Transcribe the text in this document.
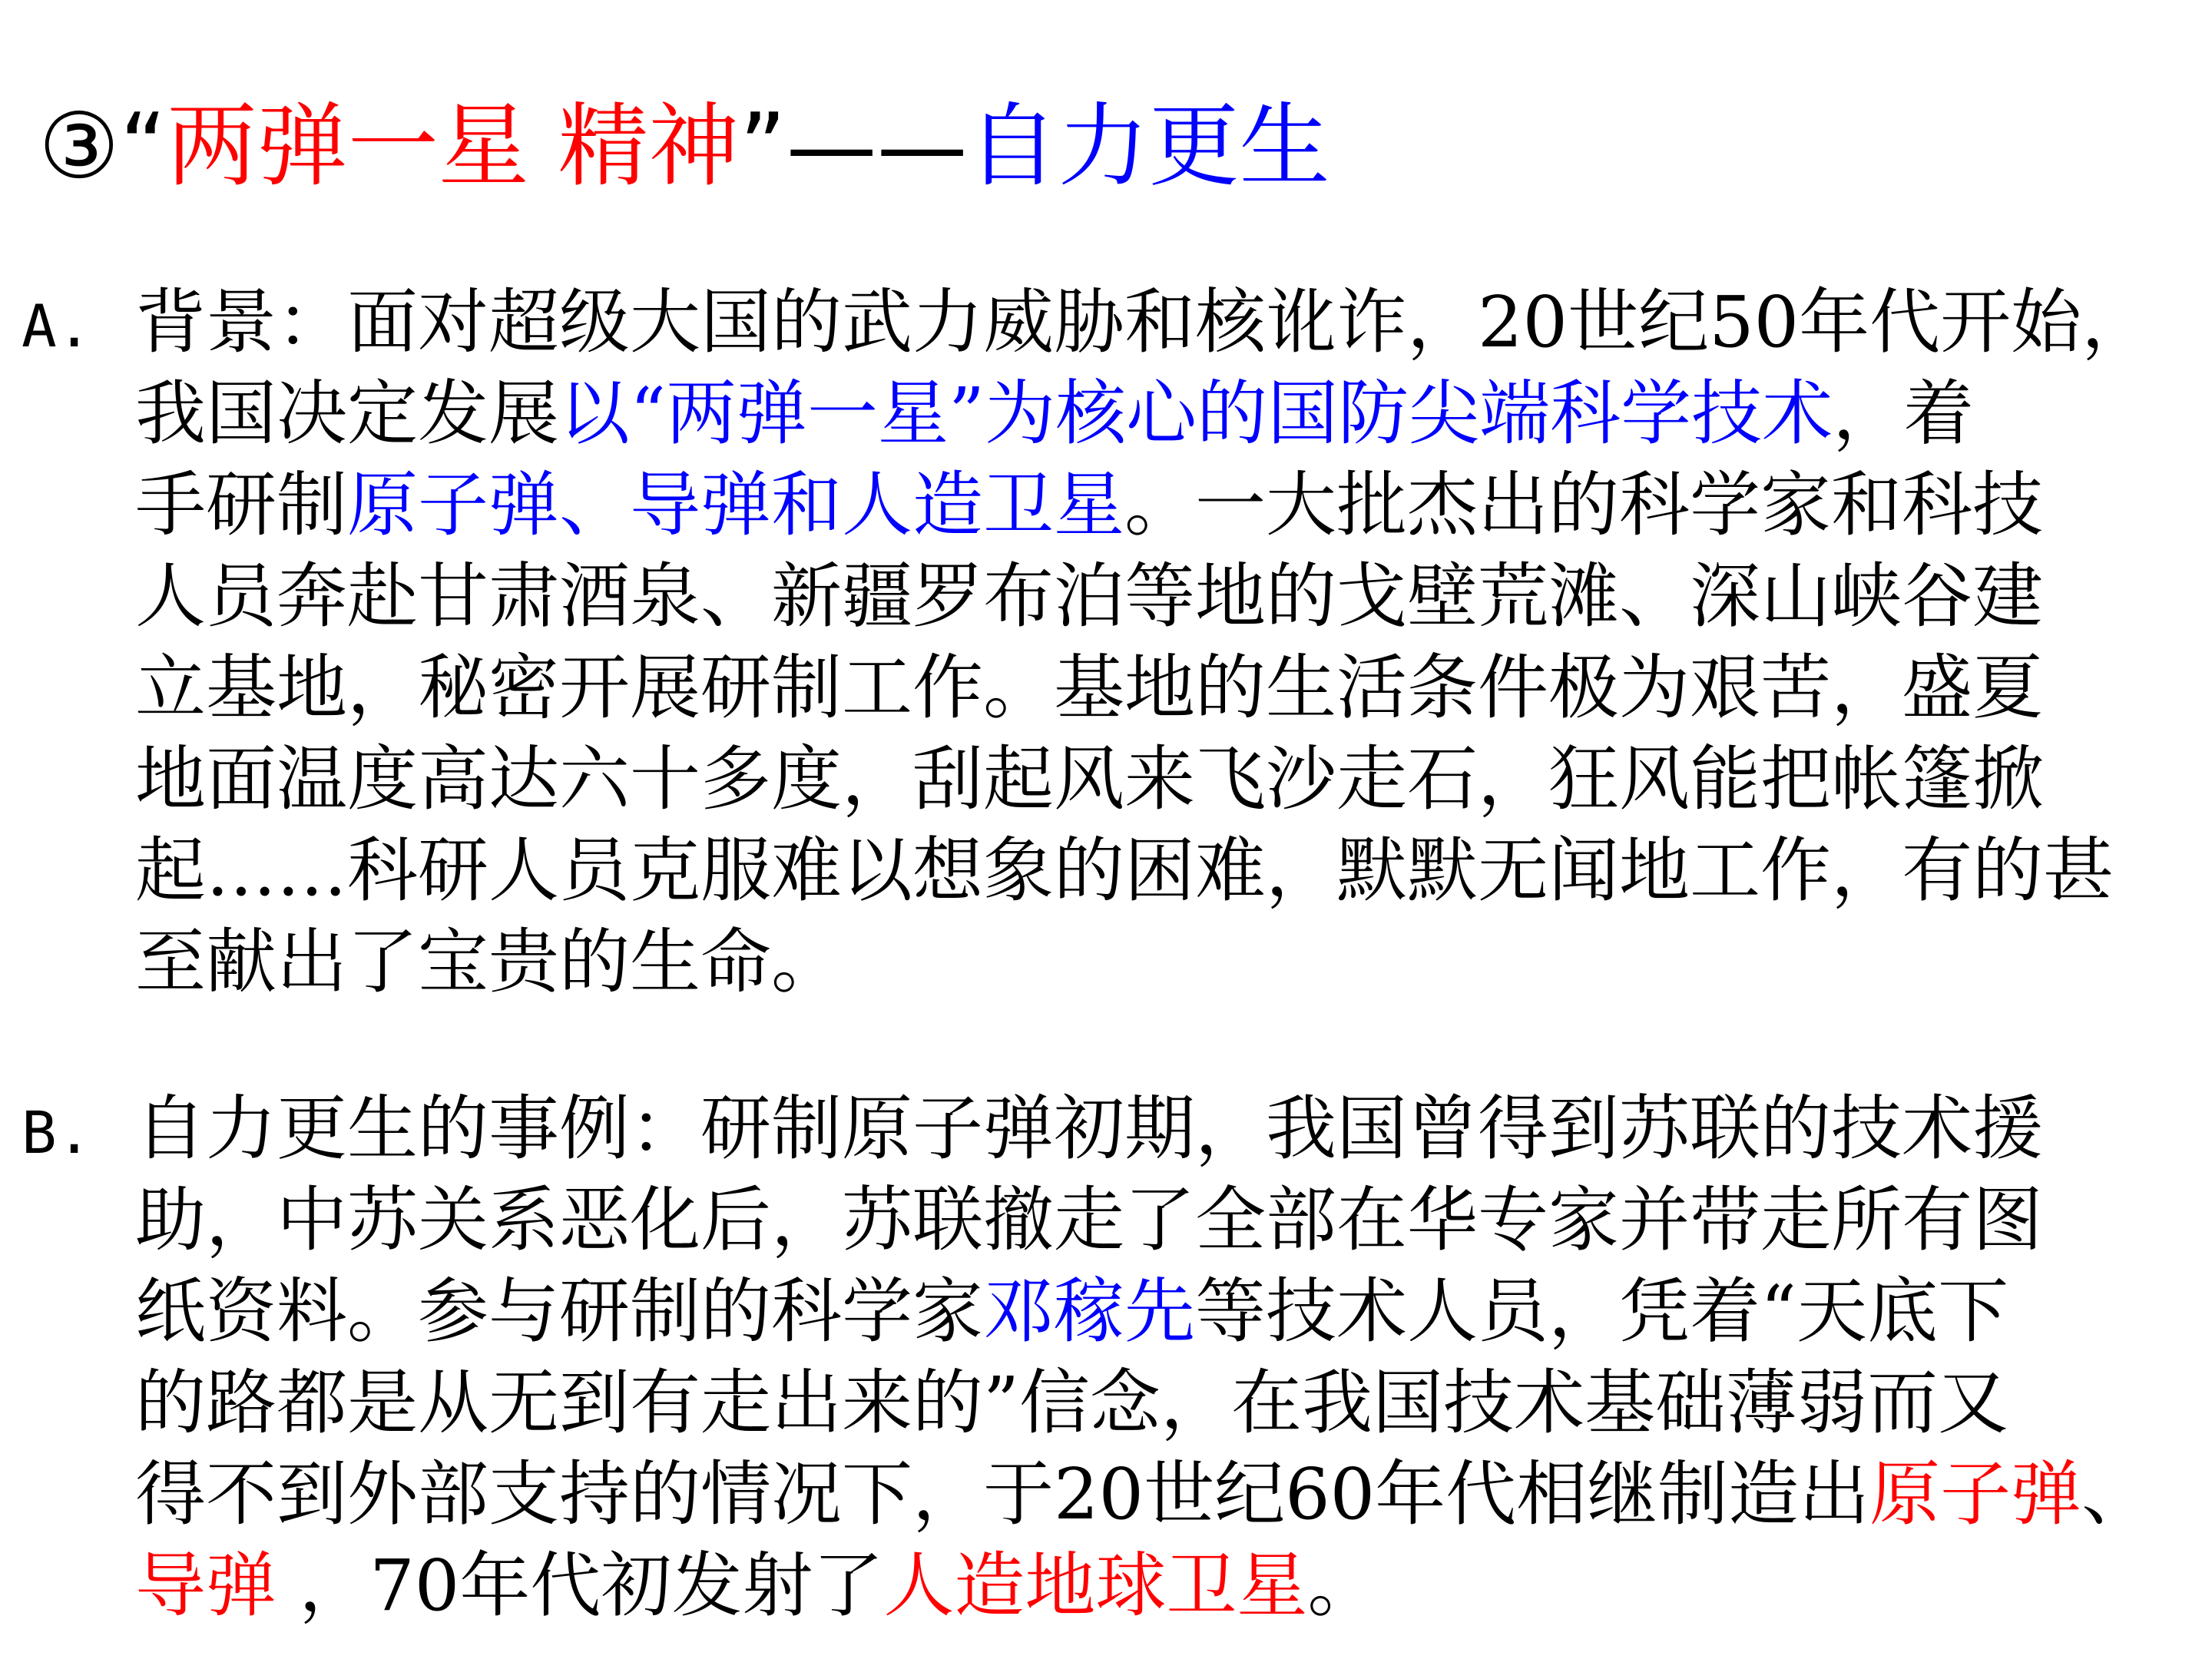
③“两弹一星 精神”——自力更生
A. 背景：面对超级大国的武力威胁和核讹诈，20世纪50年代开始，
我国决定发展以“两弹一星”为核心的国防尖端科学技术，着
手研制原子弹、导弹和人造卫星。一大批杰出的科学家和科技
人员奔赴甘肃酒泉、新疆罗布泊等地的戈壁荒滩、深山峡谷建
立基地，秘密开展研制工作。基地的生活条件极为艰苦，盛夏
地面温度高达六十多度，刮起风来飞沙走石，狂风能把帐篷掀
起……科研人员克服难以想象的困难，默默无闻地工作，有的甚
至献出了宝贵的生命。
B. 自力更生的事例：研制原子弹初期，我国曾得到苏联的技术援
助，中苏关系恶化后，苏联撤走了全部在华专家并带走所有图
纸资料。参与研制的科学家邓稼先等技术人员，凭着“天底下
的路都是从无到有走出来的”信念，在我国技术基础薄弱而又
得不到外部支持的情况下，于20世纪60年代相继制造出原子弹、
导弹 ，70年代初发射了人造地球卫星。
